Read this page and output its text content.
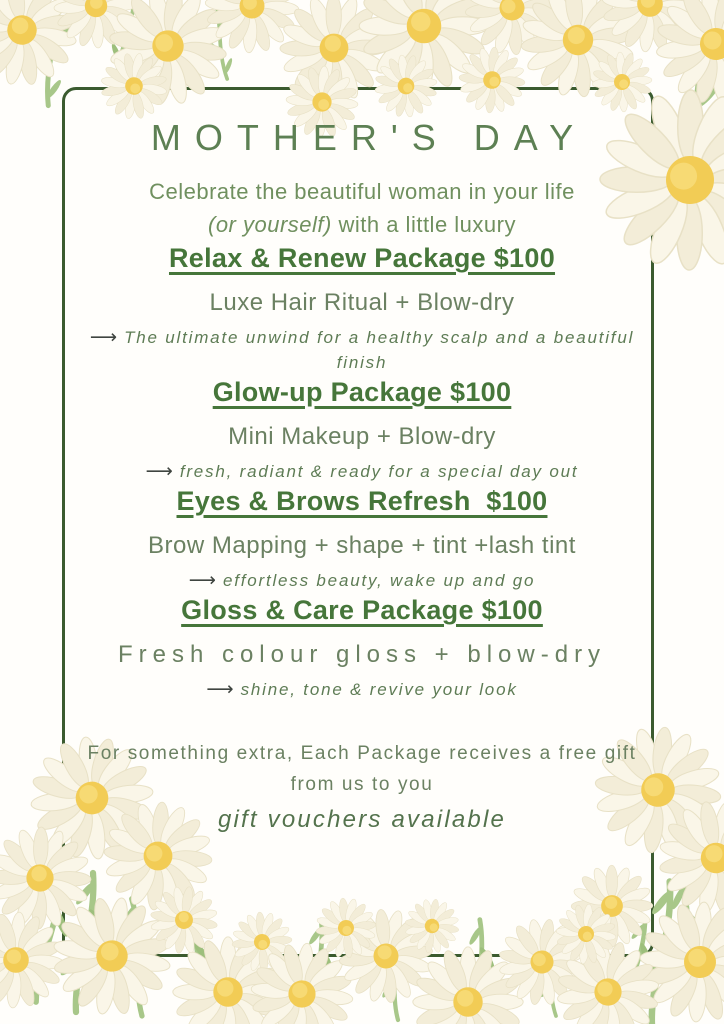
MOTHER'S DAY

Celebrate the beautiful woman in your life
(or yourself) with a little luxury

Relax & Renew Package $100

Luxe Hair Ritual + Blow-dry

⟶ The ultimate unwind for a healthy scalp and a beautiful finish

Glow-up Package $100

Mini Makeup + Blow-dry

⟶ fresh, radiant & ready for a special day out

Eyes & Brows Refresh  $100

Brow Mapping + shape + tint +lash tint

⟶ effortless beauty, wake up and go

Gloss & Care Package $100

Fresh colour gloss + blow-dry

⟶ shine, tone & revive your look

For something extra, Each Package receives a free gift
from us to you

gift vouchers available
